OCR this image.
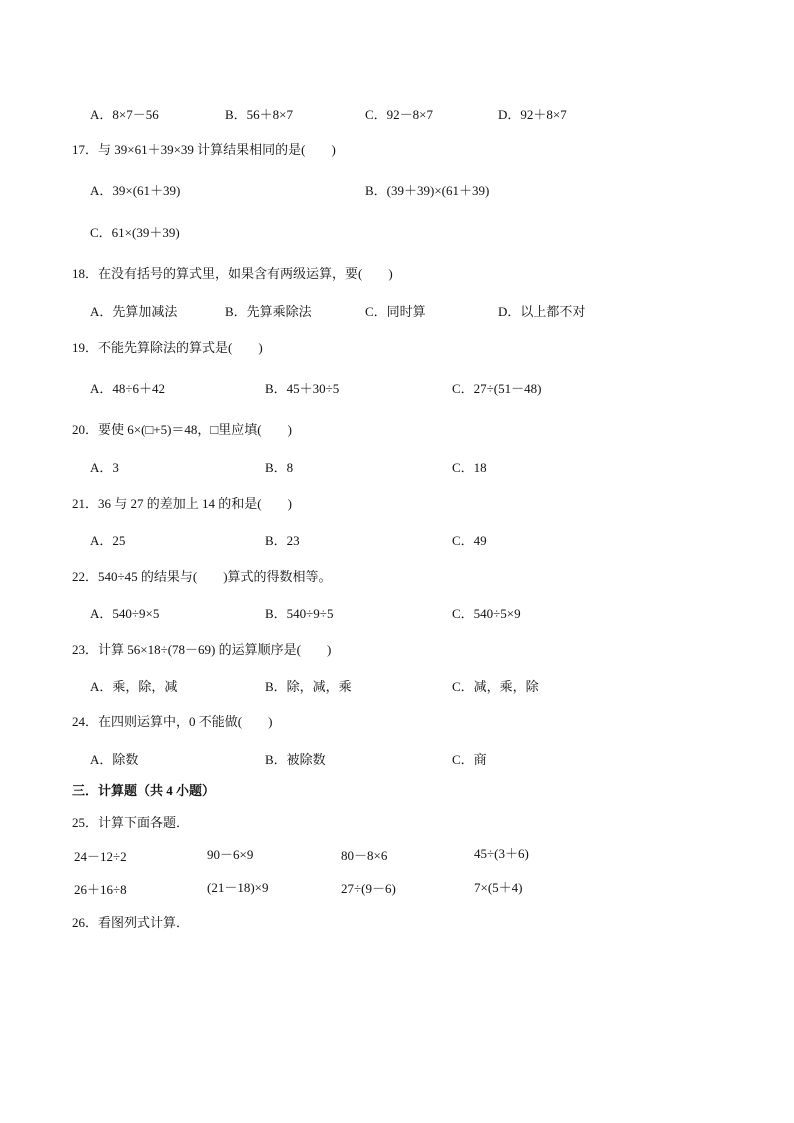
A．8×7－56	B．56＋8×7	C．92－8×7	D．92＋8×7
17．与 39×61＋39×39 计算结果相同的是(　　)
A．39×(61＋39)	B．(39＋39)×(61＋39)
C．61×(39＋39)
18．在没有括号的算式里，如果含有两级运算，要(　　)
A．先算加减法	B．先算乘除法	C．同时算	D．以上都不对
19．不能先算除法的算式是(　　)
A．48÷6＋42	B．45＋30÷5	C．27÷(51－48)
20．要使 6×(□+5)＝48，□里应填(　　)
A．3	B．8	C．18
21．36 与 27 的差加上 14 的和是(　　)
A．25	B．23	C．49
22．540÷45 的结果与(　　)算式的得数相等。
A．540÷9×5	B．540÷9÷5	C．540÷5×9
23．计算 56×18÷(78－69) 的运算顺序是(　　)
A．乘，除，减	B．除，减，乘	C．减，乘，除
24．在四则运算中，0 不能做(　　)
A．除数	B．被除数	C．商
三．计算题（共 4 小题）
25．计算下面各题．
24－12÷2	90－6×9	80－8×6	45÷(3＋6)
26＋16÷8	(21－18)×9	27÷(9－6)	7×(5＋4)
26．看图列式计算．
